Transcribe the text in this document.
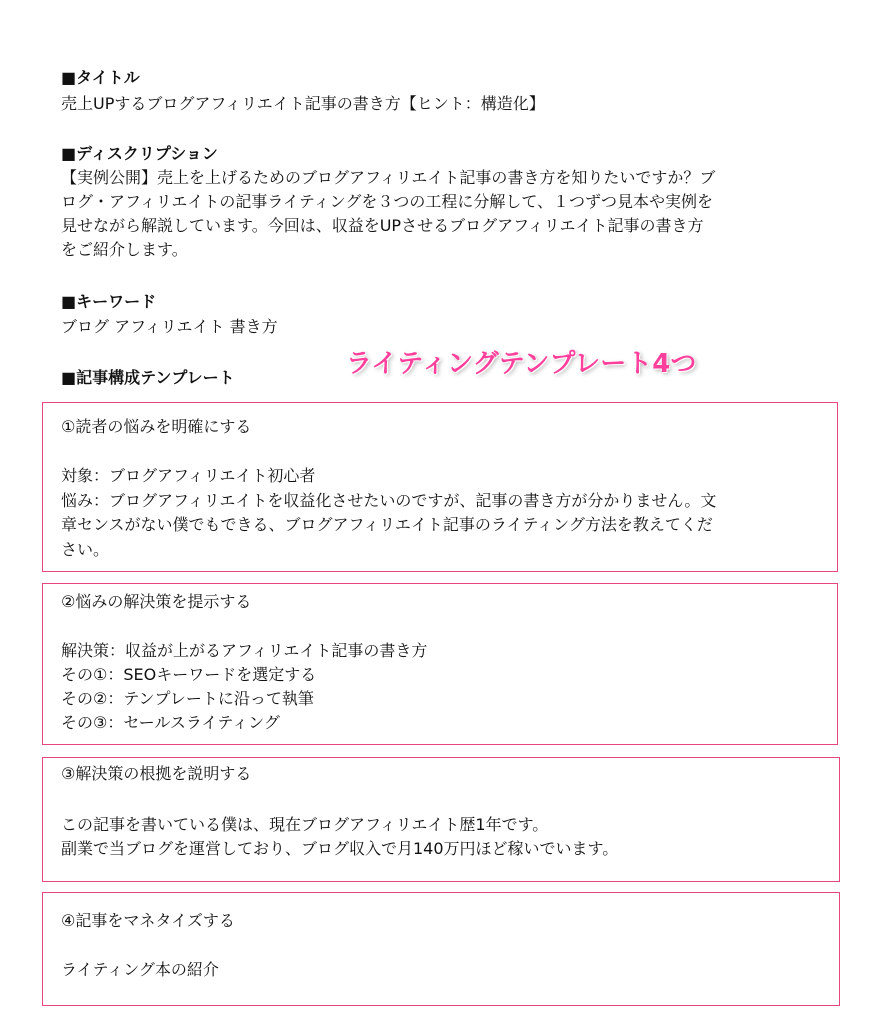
■タイトル
売上UPするブログアフィリエイト記事の書き方【ヒント：構造化】
■ディスクリプション
【実例公開】売上を上げるためのブログアフィリエイト記事の書き方を知りたいですか？ブ
ログ・アフィリエイトの記事ライティングを３つの工程に分解して、１つずつ見本や実例を
見せながら解説しています。今回は、収益をUPさせるブログアフィリエイト記事の書き方
をご紹介します。
■キーワード
ブログ アフィリエイト 書き方
■記事構成テンプレート	ライティングテンプレート4つ
①読者の悩みを明確にする
対象：ブログアフィリエイト初心者
悩み：ブログアフィリエイトを収益化させたいのですが、記事の書き方が分かりません。文
章センスがない僕でもできる、ブログアフィリエイト記事のライティング方法を教えてくだ
さい。
②悩みの解決策を提示する
解決策：収益が上がるアフィリエイト記事の書き方
その①：SEOキーワードを選定する
その②：テンプレートに沿って執筆
その③：セールスライティング
③解決策の根拠を説明する
この記事を書いている僕は、現在ブログアフィリエイト歴1年です。
副業で当ブログを運営しており、ブログ収入で月140万円ほど稼いでいます。
④記事をマネタイズする
ライティング本の紹介
